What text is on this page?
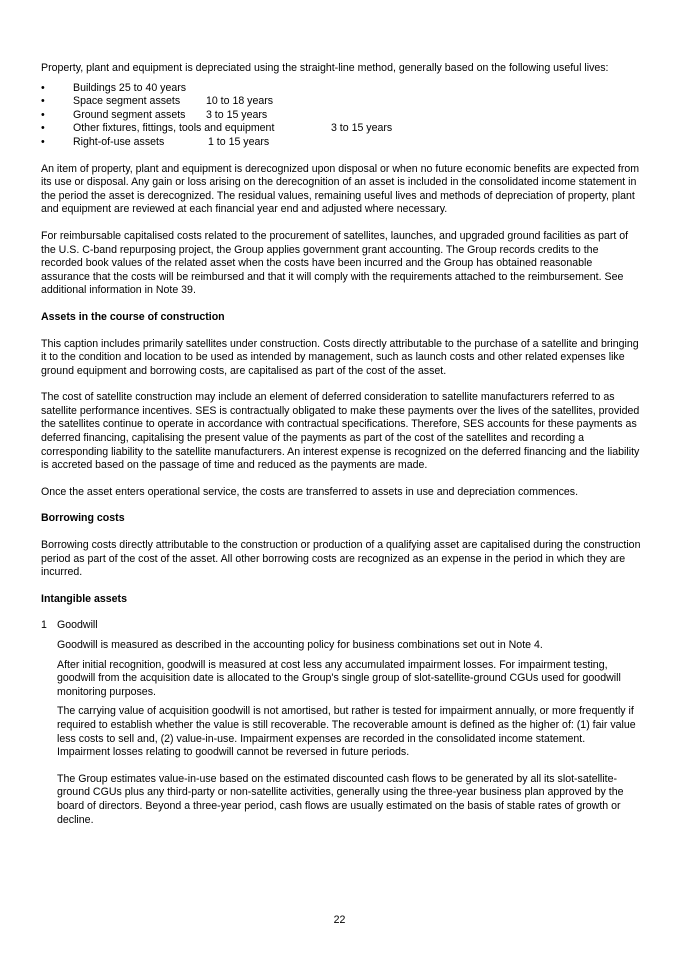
Property, plant and equipment is depreciated using the straight-line method, generally based on the following useful lives:

•	Buildings 25 to 40 years
•	Space segment assets 10 to 18 years
•	Ground segment assets 3 to 15 years
•	Other fixtures, fittings, tools and equipment	3 to 15 years
•	Right-of-use assets	1 to 15 years

An item of property, plant and equipment is derecognized upon disposal or when no future economic benefits are expected from its use or disposal. Any gain or loss arising on the derecognition of an asset is included in the consolidated income statement in the period the asset is derecognized. The residual values, remaining useful lives and methods of depreciation of property, plant and equipment are reviewed at each financial year end and adjusted where necessary.

For reimbursable capitalised costs related to the procurement of satellites, launches, and upgraded ground facilities as part of the U.S. C-band repurposing project, the Group applies government grant accounting. The Group records credits to the recorded book values of the related asset when the costs have been incurred and the Group has obtained reasonable assurance that the costs will be reimbursed and that it will comply with the requirements attached to the reimbursement. See additional information in Note 39.

Assets in the course of construction

This caption includes primarily satellites under construction. Costs directly attributable to the purchase of a satellite and bringing it to the condition and location to be used as intended by management, such as launch costs and other related expenses like ground equipment and borrowing costs, are capitalised as part of the cost of the asset.

The cost of satellite construction may include an element of deferred consideration to satellite manufacturers referred to as satellite performance incentives. SES is contractually obligated to make these payments over the lives of the satellites, provided the satellites continue to operate in accordance with contractual specifications. Therefore, SES accounts for these payments as deferred financing, capitalising the present value of the payments as part of the cost of the satellites and recording a corresponding liability to the satellite manufacturers. An interest expense is recognized on the deferred financing and the liability is accreted based on the passage of time and reduced as the payments are made.

Once the asset enters operational service, the costs are transferred to assets in use and depreciation commences.

Borrowing costs

Borrowing costs directly attributable to the construction or production of a qualifying asset are capitalised during the construction period as part of the cost of the asset. All other borrowing costs are recognized as an expense in the period in which they are incurred.

Intangible assets

1 Goodwill

Goodwill is measured as described in the accounting policy for business combinations set out in Note 4.

After initial recognition, goodwill is measured at cost less any accumulated impairment losses. For impairment testing, goodwill from the acquisition date is allocated to the Group's single group of slot-satellite-ground CGUs used for goodwill monitoring purposes.

The carrying value of acquisition goodwill is not amortised, but rather is tested for impairment annually, or more frequently if required to establish whether the value is still recoverable. The recoverable amount is defined as the higher of: (1) fair value less costs to sell and, (2) value-in-use. Impairment expenses are recorded in the consolidated income statement. Impairment losses relating to goodwill cannot be reversed in future periods.

The Group estimates value-in-use based on the estimated discounted cash flows to be generated by all its slot-satellite-ground CGUs plus any third-party or non-satellite activities, generally using the three-year business plan approved by the board of directors. Beyond a three-year period, cash flows are usually estimated on the basis of stable rates of growth or decline.

22
